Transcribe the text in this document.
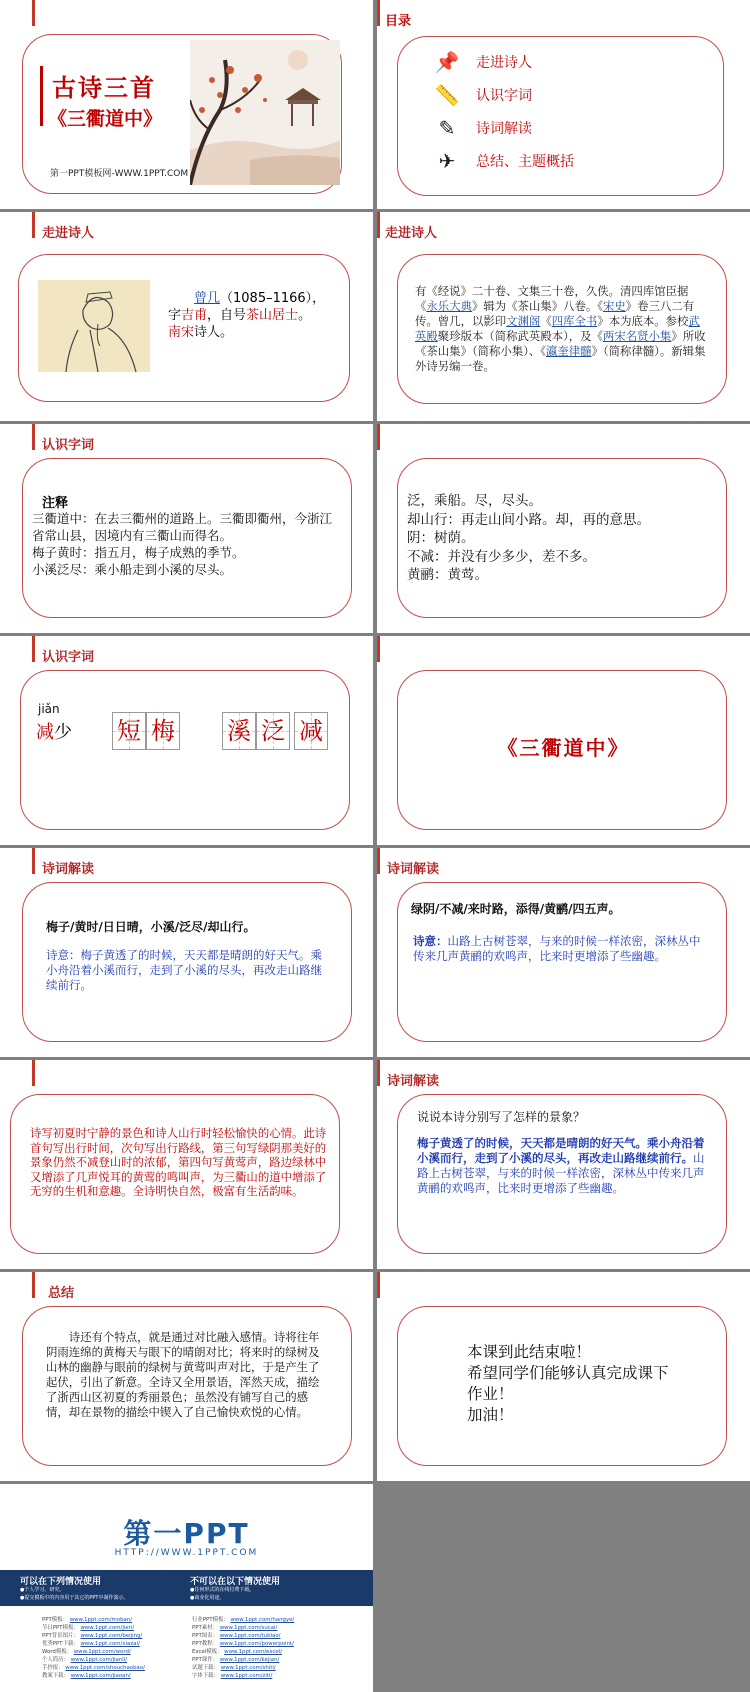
古诗三首
《三衢道中》
第一PPT模板网-WWW.1PPT.COM
目录
📌 走进诗人
📏 认识字词
✎	诗词解读
✈	总结、主题概括
走进诗人
曾几（1085–1166），
字吉甫，自号茶山居士。
南宋诗人。
走进诗人
有《经说》二十卷、文集三十卷，久佚。清四库馆臣据《永乐大典》辑为《茶山集》八卷。《宋史》卷三八二有传。曾几，以影印文渊阁《四库全书》本为底本。参校武英殿聚珍版本（简称武英殿本），及《两宋名贤小集》所收《茶山集》（简称小集）、《瀛奎律髓》（简称律髓）。新辑集外诗另编一卷。
认识字词
注释
三衢道中：在去三衢州的道路上。三衢即衢州，今浙江省常山县，因境内有三衢山而得名。
梅子黄时：指五月，梅子成熟的季节。
小溪泛尽：乘小船走到小溪的尽头。
泛，乘船。尽，尽头。
却山行：再走山间小路。却，再的意思。
阴：树荫。
不减：并没有少多少，差不多。
黄鹂：黄莺。
认识字词
jiǎn
减少 短 梅 溪 泛 减
《三衢道中》
诗词解读
梅子/黄时/日日晴，小溪/泛尽/却山行。
诗意：梅子黄透了的时候，天天都是晴朗的好天气。乘小舟沿着小溪而行，走到了小溪的尽头，再改走山路继续前行。
诗词解读
绿阴/不减/来时路，添得/黄鹂/四五声。
诗意：山路上古树苍翠，与来的时候一样浓密，深林丛中传来几声黄鹂的欢鸣声，比来时更增添了些幽趣。
诗写初夏时宁静的景色和诗人山行时轻松愉快的心情。此诗首句写出行时间，次句写出行路线，第三句写绿阴那美好的景象仍然不减登山时的浓郁，第四句写黄莺声，路边绿林中又增添了几声悦耳的黄莺的鸣叫声，为三衢山的道中增添了无穷的生机和意趣。全诗明快自然，极富有生活韵味。
诗词解读
说说本诗分别写了怎样的景象？
梅子黄透了的时候，天天都是晴朗的好天气。乘小舟沿着小溪而行，走到了小溪的尽头，再改走山路继续前行。山路上古树苍翠，与来的时候一样浓密，深林丛中传来几声黄鹂的欢鸣声，比来时更增添了些幽趣。
总结
诗还有个特点，就是通过对比融入感情。诗将往年阴雨连绵的黄梅天与眼下的晴朗对比；将来时的绿树及山林的幽静与眼前的绿树与黄莺叫声对比，于是产生了起伏，引出了新意。全诗又全用景语，浑然天成，描绘了浙西山区初夏的秀丽景色；虽然没有铺写自己的感情，却在景物的描绘中锲入了自己愉快欢悦的心情。
本课到此结束啦！
希望同学们能够认真完成课下作业！
加油！
第一PPT
HTTP://WWW.1PPT.COM
可以在下列情况使用
●个人学习、研究。
●提交模板中的内容用于其它的PPT中制作演示。
不可以在以下情况使用
●任何形式的在线付费下载。
●商业化用途。
PPT模板： www.1ppt.com/moban/
节日PPT模板： www.1ppt.com/jieri/
PPT背景图片： www.1ppt.com/beijing/
优秀PPT下载： www.1ppt.com/xiazai/
Word模板： www.1ppt.com/word/
个人简历： www.1ppt.com/jianli/
手抄报： www.1ppt.com/shouchaobao/
教案下载： www.1ppt.com/jiaoan/
行业PPT模板： www.1ppt.com/hangye/
PPT素材： www.1ppt.com/sucai/
PPT图表： www.1ppt.com/tubiao/
PPT教程： www.1ppt.com/powerpoint/
Excel模板： www.1ppt.com/excel/
PPT课件： www.1ppt.com/kejian/
试题下载： www.1ppt.com/shiti/
字体下载： www.1ppt.com/ziti/
